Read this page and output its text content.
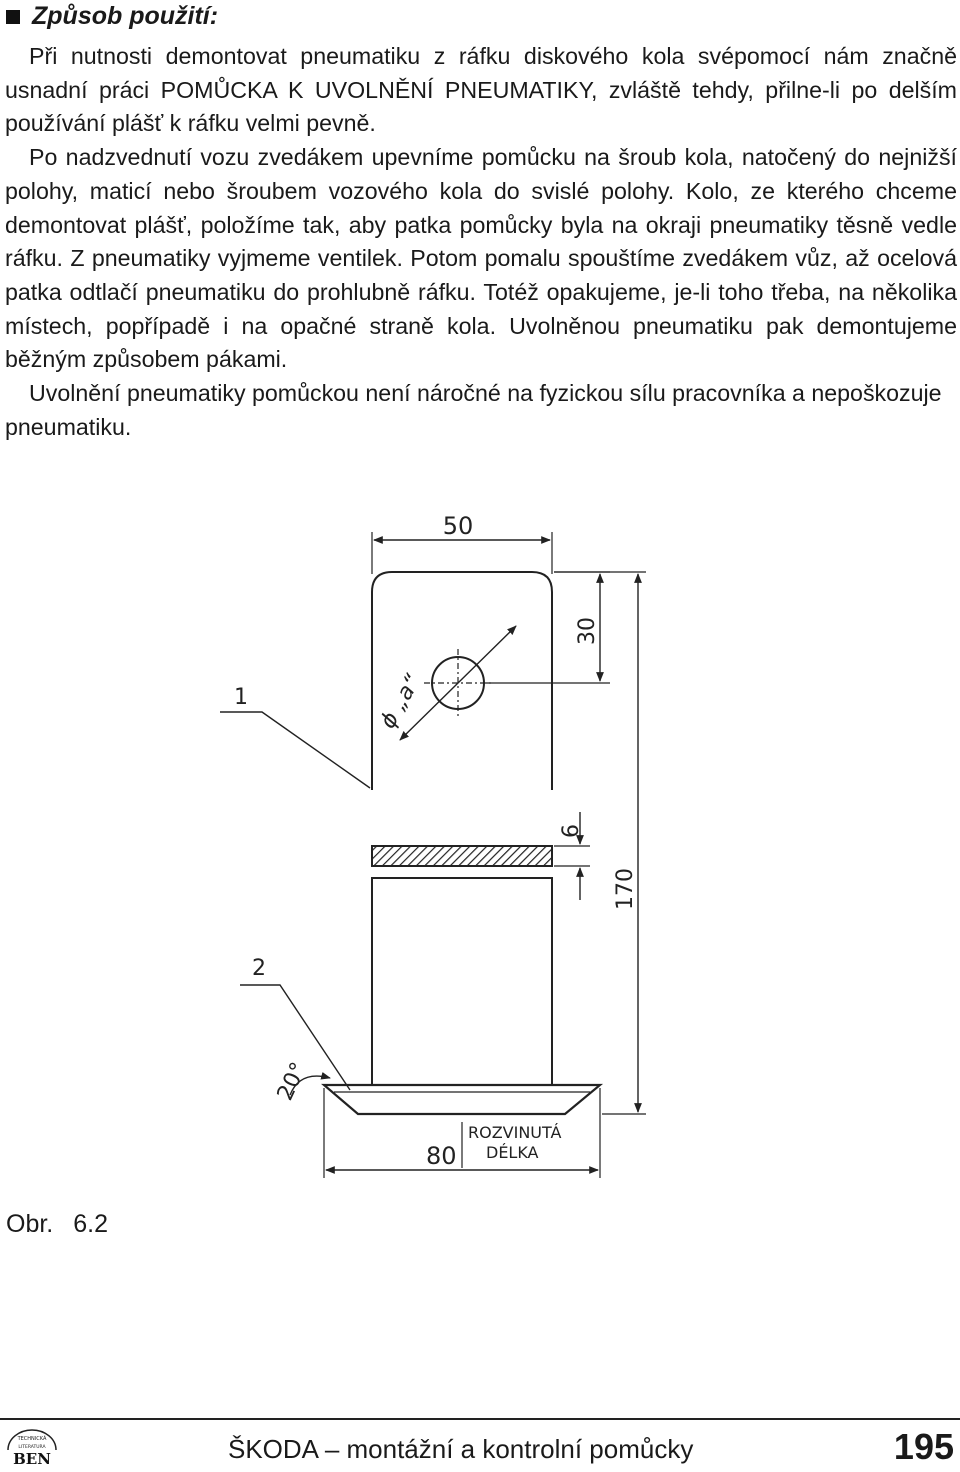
Způsob použití:

Při nutnosti demontovat pneumatiku z ráfku diskového kola svépomocí nám značně usnadní práci POMŮCKA K UVOLNĚNÍ PNEUMATIKY, zvláště tehdy, přilne-li po delším používání plášť k ráfku velmi pevně.

Po nadzvednutí vozu zvedákem upevníme pomůcku na šroub kola, natočený do nejnižší polohy, maticí nebo šroubem vozového kola do svislé polohy. Kolo, ze kterého chceme demontovat plášť, položíme tak, aby patka pomůcky byla na okraji pneumatiky těsně vedle ráfku. Z pneumatiky vyjmeme ventilek. Potom pomalu spouštíme zvedákem vůz, až ocelová patka odtlačí pneumatiku do prohlubně ráfku. Totéž opakujeme, je-li toho třeba, na několika místech, popřípadě i na opačné straně kola. Uvolněnou pneumatiku pak demontujeme běžným způsobem pákami.

Uvolnění pneumatiky pomůckou není náročné na fyzickou sílu pracovníka a nepoškozuje pneumatiku.

50
30
ϕ „a“
6
170
20°
80
ROZVINUTÁ
DÉLKA
1
2
Obr. 6.2
TECHNICKÁ
LITERATURA
BEN	ŠKODA – montážní a kontrolní pomůcky	195
